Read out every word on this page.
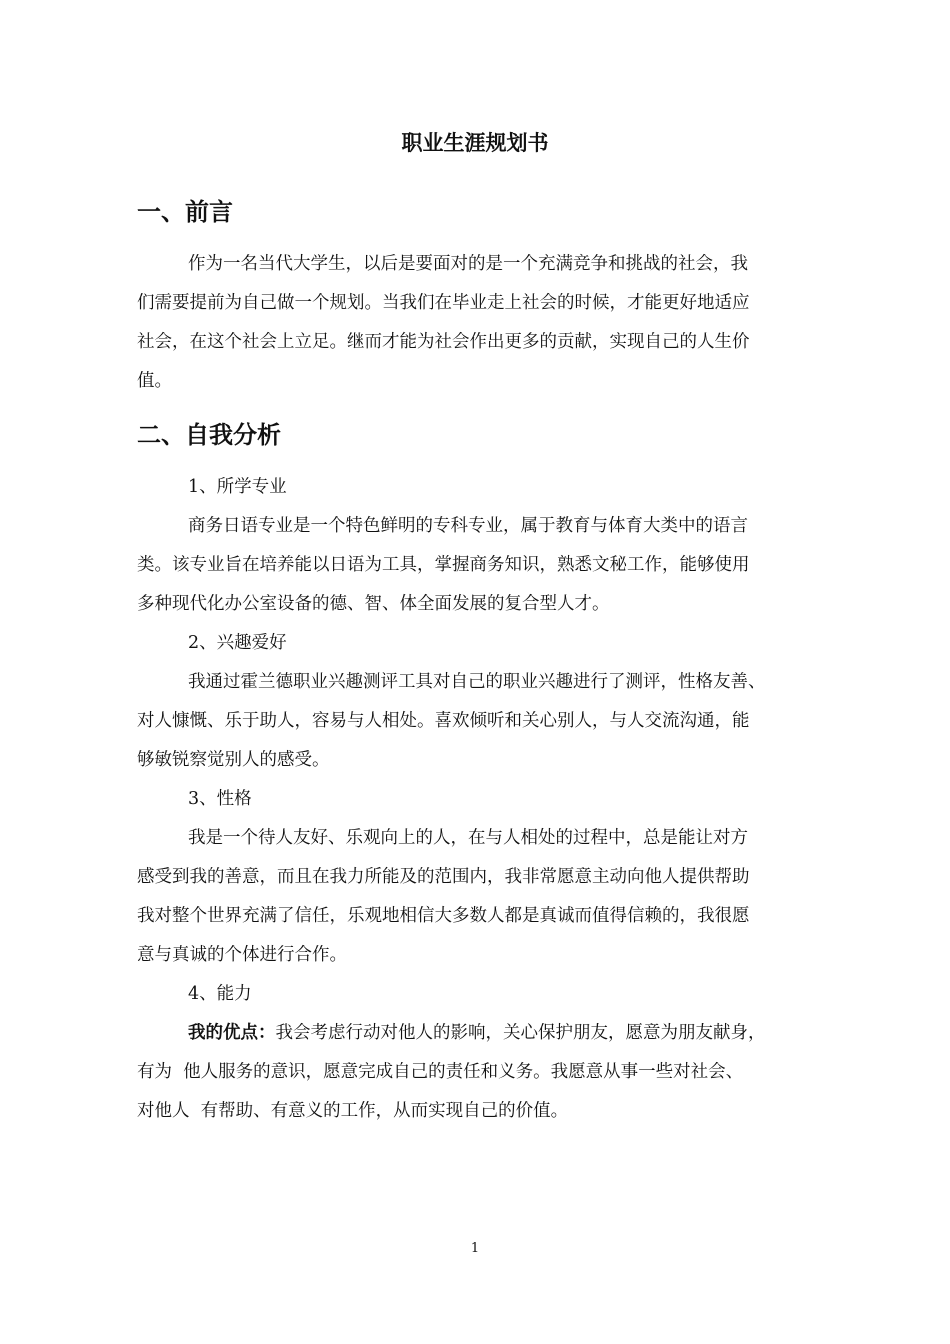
职业生涯规划书
一、前言
作为一名当代大学生，以后是要面对的是一个充满竞争和挑战的社会，我
们需要提前为自己做一个规划。当我们在毕业走上社会的时候，才能更好地适应
社会，在这个社会上立足。继而才能为社会作出更多的贡献，实现自己的人生价
值。
二、自我分析
1、所学专业
商务日语专业是一个特色鲜明的专科专业，属于教育与体育大类中的语言
类。该专业旨在培养能以日语为工具，掌握商务知识，熟悉文秘工作，能够使用
多种现代化办公室设备的德、智、体全面发展的复合型人才。
2、兴趣爱好
我通过霍兰德职业兴趣测评工具对自己的职业兴趣进行了测评，性格友善、
对人慷慨、乐于助人，容易与人相处。喜欢倾听和关心别人，与人交流沟通，能
够敏锐察觉别人的感受。
3、性格
我是一个待人友好、乐观向上的人，在与人相处的过程中，总是能让对方
感受到我的善意，而且在我力所能及的范围内，我非常愿意主动向他人提供帮助
我对整个世界充满了信任，乐观地相信大多数人都是真诚而值得信赖的，我很愿
意与真诚的个体进行合作。
4、能力
我的优点：我会考虑行动对他人的影响，关心保护朋友，愿意为朋友献身，
有为  他人服务的意识，愿意完成自己的责任和义务。我愿意从事一些对社会、
对他人  有帮助、有意义的工作，从而实现自己的价值。
1
